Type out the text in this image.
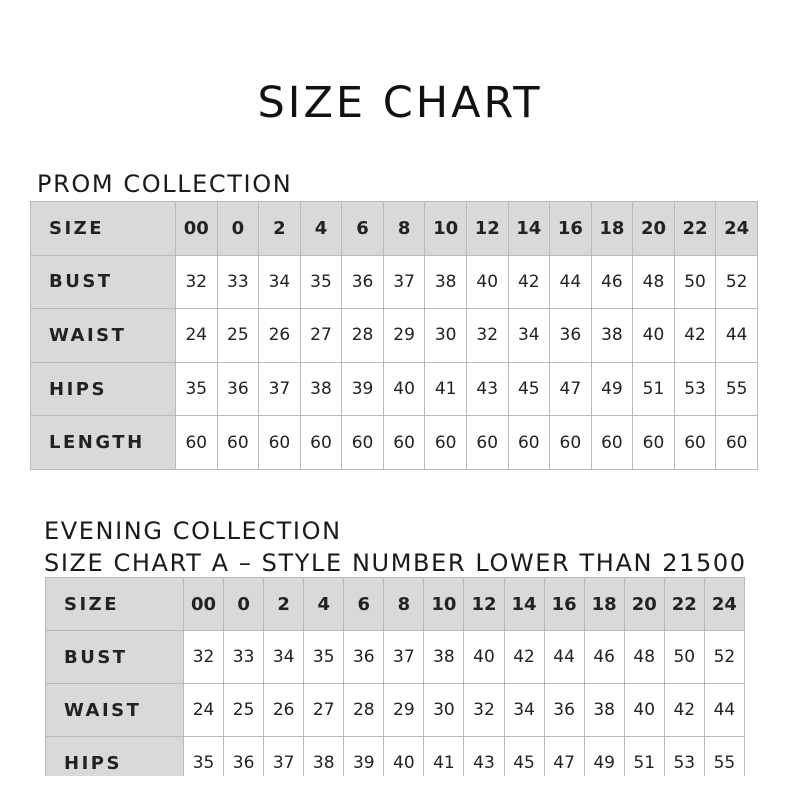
SIZE CHART
PROM COLLECTION
SIZE	00	0	2	4	6	8	10	12	14	16	18	20	22	24
BUST	32	33	34	35	36	37	38	40	42	44	46	48	50	52
WAIST	24	25	26	27	28	29	30	32	34	36	38	40	42	44
HIPS	35	36	37	38	39	40	41	43	45	47	49	51	53	55
LENGTH	60	60	60	60	60	60	60	60	60	60	60	60	60	60
EVENING COLLECTION
SIZE CHART A – STYLE NUMBER LOWER THAN 21500
SIZE	00	0	2	4	6	8	10	12	14	16	18	20	22	24
BUST	32	33	34	35	36	37	38	40	42	44	46	48	50	52
WAIST	24	25	26	27	28	29	30	32	34	36	38	40	42	44
HIPS	35	36	37	38	39	40	41	43	45	47	49	51	53	55
